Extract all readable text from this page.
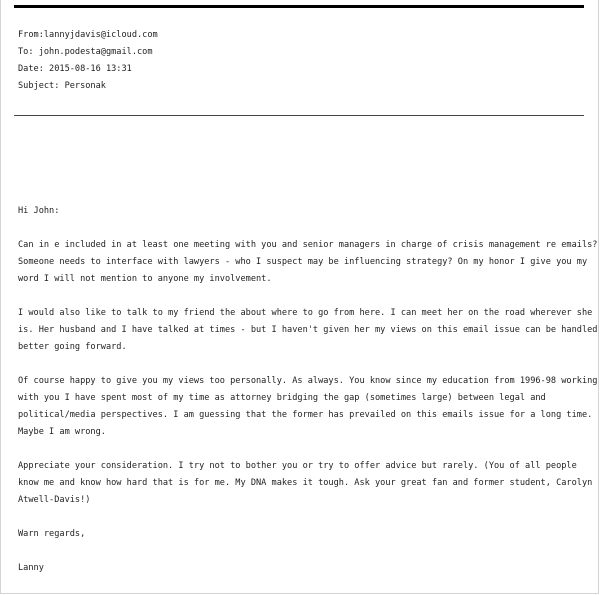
From:lannyjdavis@icloud.com
To: john.podesta@gmail.com
Date: 2015-08-16 13:31
Subject: Personak

Hi John:

Can in e included in at least one meeting with you and senior managers in charge of crisis management re emails?

Someone needs to interface with lawyers - who I suspect may be influencing strategy? On my honor I give you my

word I will not mention to anyone my involvement.

I would also like to talk to my friend the about where to go from here. I can meet her on the road wherever she

is. Her husband and I have talked at times - but I haven't given her my views on this email issue can be handled

better going forward.

Of course happy to give you my views too personally. As always. You know since my education from 1996-98 working

with you I have spent most of my time as attorney bridging the gap (sometimes large) between legal and

political/media perspectives. I am guessing that the former has prevailed on this emails issue for a long time.

Maybe I am wrong.

Appreciate your consideration. I try not to bother you or try to offer advice but rarely. (You of all people

know me and know how hard that is for me. My DNA makes it tough. Ask your great fan and former student, Carolyn

Atwell-Davis!)

Warn regards,

Lanny
